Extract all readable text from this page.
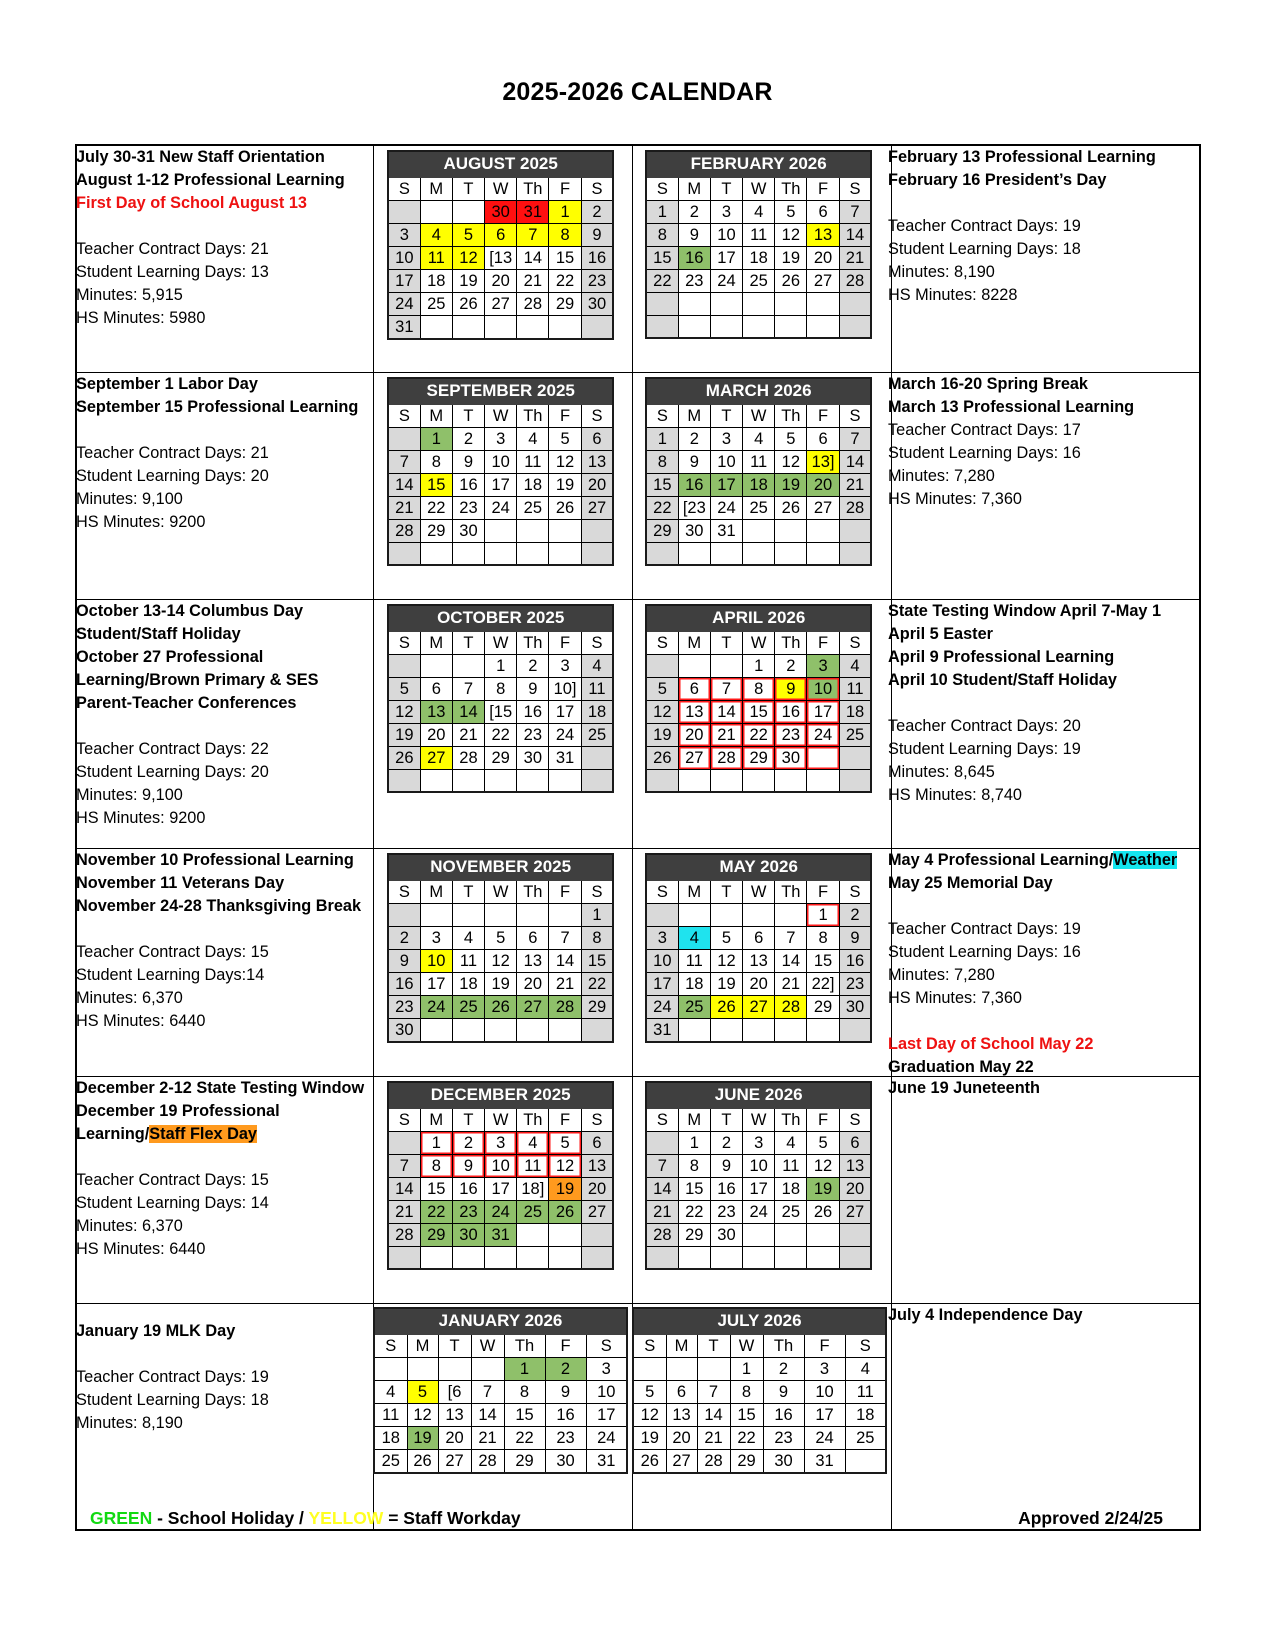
2025-2026 CALENDAR
GREEN - School Holiday / YELLOW = Staff Workday	Approved 2/24/25
July 30-31 New Staff Orientation
August 1-12 Professional Learning
First Day of School August 13
Teacher Contract Days: 21
Student Learning Days: 13
Minutes: 5,915
HS Minutes: 5980
September 1 Labor Day
September 15 Professional Learning
Teacher Contract Days: 21
Student Learning Days: 20
Minutes: 9,100
HS Minutes: 9200
October 13-14 Columbus Day
Student/Staff Holiday
October 27 Professional
Learning/Brown Primary & SES
Parent-Teacher Conferences
Teacher Contract Days: 22
Student Learning Days: 20
Minutes: 9,100
HS Minutes: 9200
November 10 Professional Learning
November 11 Veterans Day
November 24-28 Thanksgiving Break
Teacher Contract Days: 15
Student Learning Days:14
Minutes: 6,370
HS Minutes: 6440
December 2-12 State Testing Window
December 19 Professional
Learning/Staff Flex Day
Teacher Contract Days: 15
Student Learning Days: 14
Minutes: 6,370
HS Minutes: 6440
January 19 MLK Day
Teacher Contract Days: 19
Student Learning Days: 18
Minutes: 8,190
February 13 Professional Learning
February 16 President’s Day
Teacher Contract Days: 19
Student Learning Days: 18
Minutes: 8,190
HS Minutes: 8228
March 16-20 Spring Break
March 13 Professional Learning
Teacher Contract Days: 17
Student Learning Days: 16
Minutes: 7,280
HS Minutes: 7,360
State Testing Window April 7-May 1
April 5 Easter
April 9 Professional Learning
April 10 Student/Staff Holiday
Teacher Contract Days: 20
Student Learning Days: 19
Minutes: 8,645
HS Minutes: 8,740
May 4 Professional Learning/Weather
May 25 Memorial Day
Teacher Contract Days: 19
Student Learning Days: 16
Minutes: 7,280
HS Minutes: 7,360
Last Day of School May 22
Graduation May 22
June 19 Juneteenth
July 4 Independence Day
AUGUST 2025						
S	M	T	W	Th	F	S
			30	31	1	2
3	4	5	6	7	8	9
10	11	12	[13	14	15	16
17	18	19	20	21	22	23
24	25	26	27	28	29	30
31						
FEBRUARY 2026						
S	M	T	W	Th	F	S
1	2	3	4	5	6	7
8	9	10	11	12	13	14
15	16	17	18	19	20	21
22	23	24	25	26	27	28

SEPTEMBER 2025						
S	M	T	W	Th	F	S
	1	2	3	4	5	6
7	8	9	10	11	12	13
14	15	16	17	18	19	20
21	22	23	24	25	26	27
28	29	30				

MARCH 2026						
S	M	T	W	Th	F	S
1	2	3	4	5	6	7
8	9	10	11	12	13]	14
15	16	17	18	19	20	21
22	[23	24	25	26	27	28
29	30	31				

OCTOBER 2025						
S	M	T	W	Th	F	S
			1	2	3	4
5	6	7	8	9	10]	11
12	13	14	[15	16	17	18
19	20	21	22	23	24	25
26	27	28	29	30	31	

APRIL 2026						
S	M	T	W	Th	F	S
			1	2	3	4
5	6	7	8	9	10	11
12	13	14	15	16	17	18
19	20	21	22	23	24	25
26	27	28	29	30		

NOVEMBER 2025						
S	M	T	W	Th	F	S
						1
2	3	4	5	6	7	8
9	10	11	12	13	14	15
16	17	18	19	20	21	22
23	24	25	26	27	28	29
30						
MAY 2026						
S	M	T	W	Th	F	S
					1	2
3	4	5	6	7	8	9
10	11	12	13	14	15	16
17	18	19	20	21	22]	23
24	25	26	27	28	29	30
31						
DECEMBER 2025						
S	M	T	W	Th	F	S
	1	2	3	4	5	6
7	8	9	10	11	12	13
14	15	16	17	18]	19	20
21	22	23	24	25	26	27
28	29	30	31			

JUNE 2026						
S	M	T	W	Th	F	S
	1	2	3	4	5	6
7	8	9	10	11	12	13
14	15	16	17	18	19	20
21	22	23	24	25	26	27
28	29	30				

JANUARY 2026						
S	M	T	W	Th	F	S
				1	2	3
4	5	[6	7	8	9	10
11	12	13	14	15	16	17
18	19	20	21	22	23	24
25	26	27	28	29	30	31
JULY 2026						
S	M	T	W	Th	F	S
			1	2	3	4
5	6	7	8	9	10	11
12	13	14	15	16	17	18
19	20	21	22	23	24	25
26	27	28	29	30	31	
